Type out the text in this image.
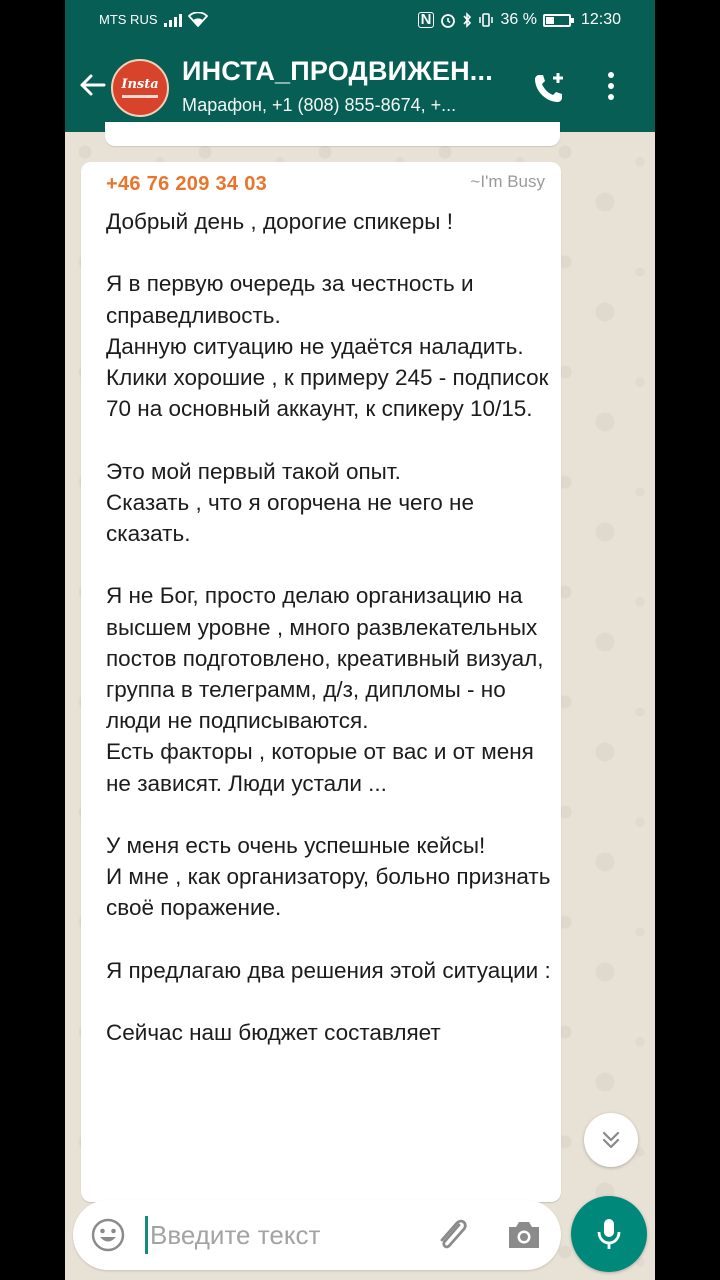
MTS RUS	N	36 %	12:30
Insta ИНСТА_ПРОДВИЖЕН...
Марафон, +1 (808) 855-8674, +...
+46 76 209 34 03	~I'm Busy
Добрый день , дорогие спикеры !

Я в первую очередь за честность и справедливость.
Данную ситуацию не удаётся наладить.
Клики хорошие , к примеру 245 - подписок 70 на основный аккаунт, к спикеру 10/15.

Это мой первый такой опыт.
Сказать , что я огорчена не чего не сказать.

Я не Бог, просто делаю организацию на высшем уровне , много развлекательных постов подготовлено, креативный визуал, группа в телеграмм, д/з, дипломы - но люди не подписываются.
Есть факторы , которые от вас и от меня не зависят. Люди устали ...

У меня есть очень успешные кейсы!
И мне , как организатору, больно признать своё поражение.

Я предлагаю два решения этой ситуации :

Сейчас наш бюджет составляет
Введите текст
